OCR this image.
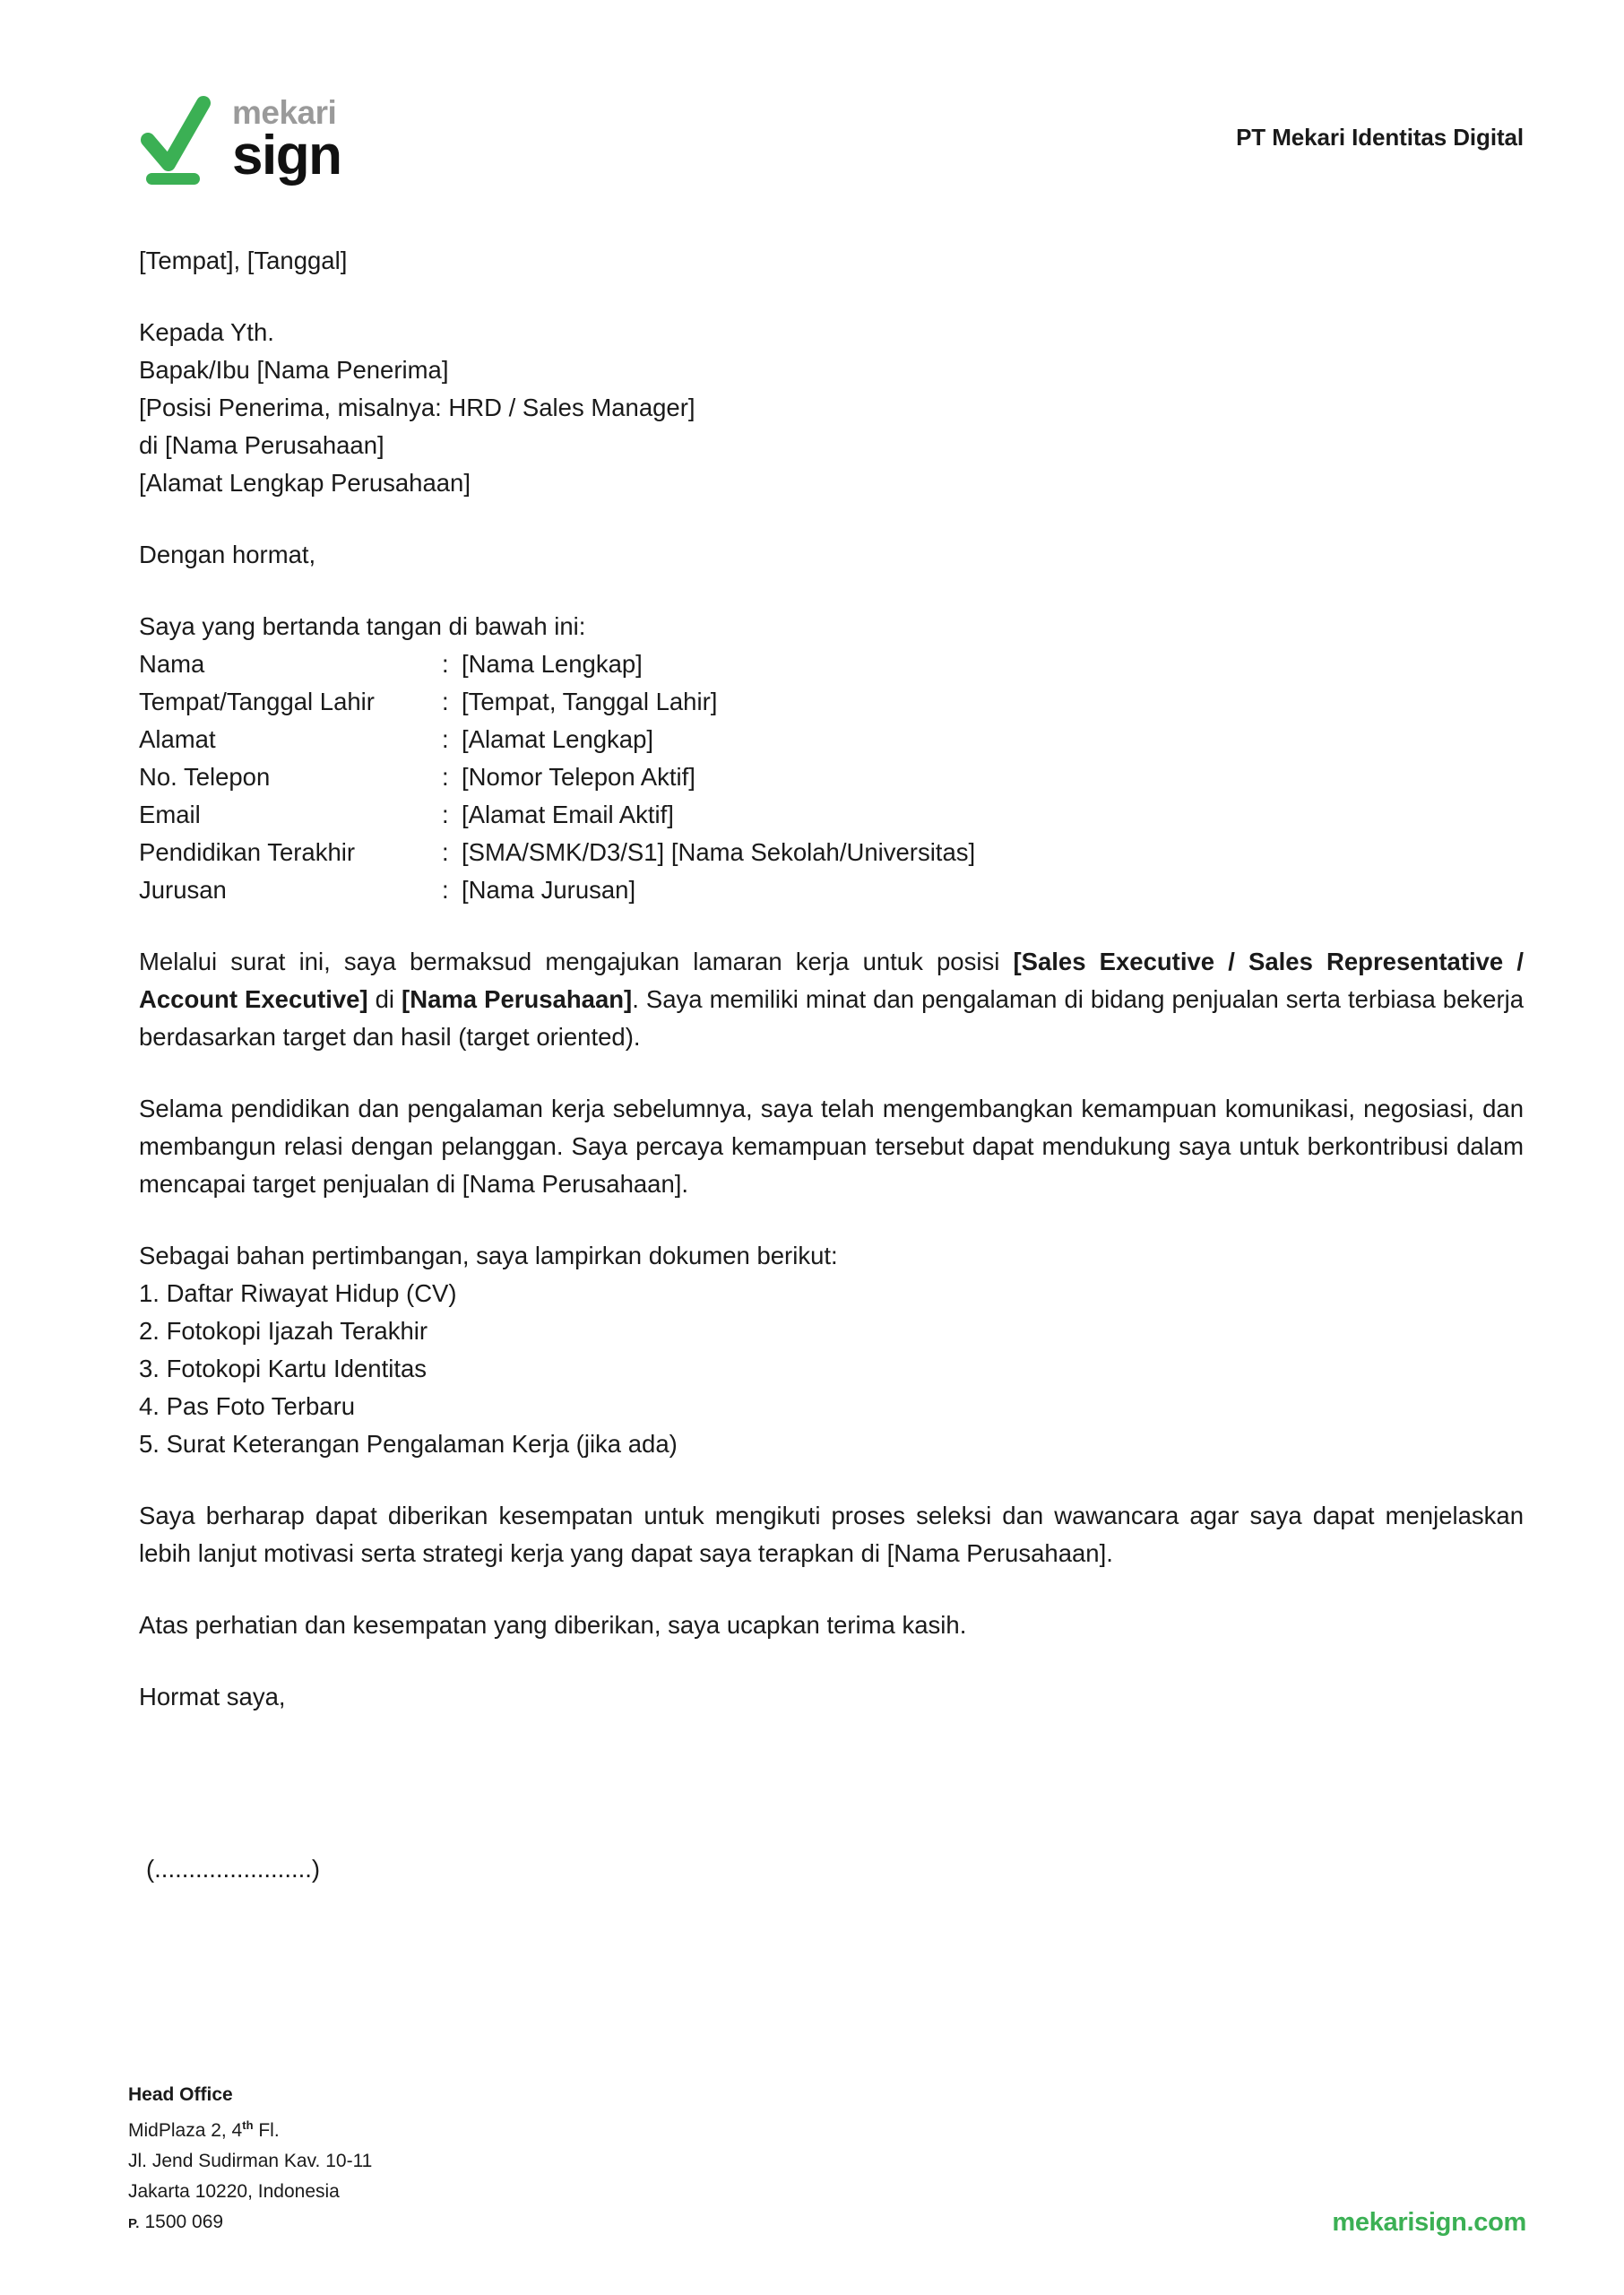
mekari
sign	PT Mekari Identitas Digital

[Tempat], [Tanggal]

Kepada Yth.
Bapak/Ibu [Nama Penerima]
[Posisi Penerima, misalnya: HRD / Sales Manager]
di [Nama Perusahaan]
[Alamat Lengkap Perusahaan]

Dengan hormat,

Saya yang bertanda tangan di bawah ini:
Nama	:	[Nama Lengkap]
Tempat/Tanggal Lahir	:	[Tempat, Tanggal Lahir]
Alamat	:	[Alamat Lengkap]
No. Telepon	:	[Nomor Telepon Aktif]
Email	:	[Alamat Email Aktif]
Pendidikan Terakhir	:	[SMA/SMK/D3/S1] [Nama Sekolah/Universitas]
Jurusan	:	[Nama Jurusan]

Melalui surat ini, saya bermaksud mengajukan lamaran kerja untuk posisi [Sales Executive / Sales Representative / Account Executive] di [Nama Perusahaan]. Saya memiliki minat dan pengalaman di bidang penjualan serta terbiasa bekerja berdasarkan target dan hasil (target oriented).

Selama pendidikan dan pengalaman kerja sebelumnya, saya telah mengembangkan kemampuan komunikasi, negosiasi, dan membangun relasi dengan pelanggan. Saya percaya kemampuan tersebut dapat mendukung saya untuk berkontribusi dalam mencapai target penjualan di [Nama Perusahaan].

Sebagai bahan pertimbangan, saya lampirkan dokumen berikut:
1. Daftar Riwayat Hidup (CV)
2. Fotokopi Ijazah Terakhir
3. Fotokopi Kartu Identitas
4. Pas Foto Terbaru
5. Surat Keterangan Pengalaman Kerja (jika ada)

Saya berharap dapat diberikan kesempatan untuk mengikuti proses seleksi dan wawancara agar saya dapat menjelaskan lebih lanjut motivasi serta strategi kerja yang dapat saya terapkan di [Nama Perusahaan].

Atas perhatian dan kesempatan yang diberikan, saya ucapkan terima kasih.

Hormat saya,

(.......................)
Head Office
MidPlaza 2, 4th Fl.
Jl. Jend Sudirman Kav. 10-11
Jakarta 10220, Indonesia
P. 1500 069	mekarisign.com
